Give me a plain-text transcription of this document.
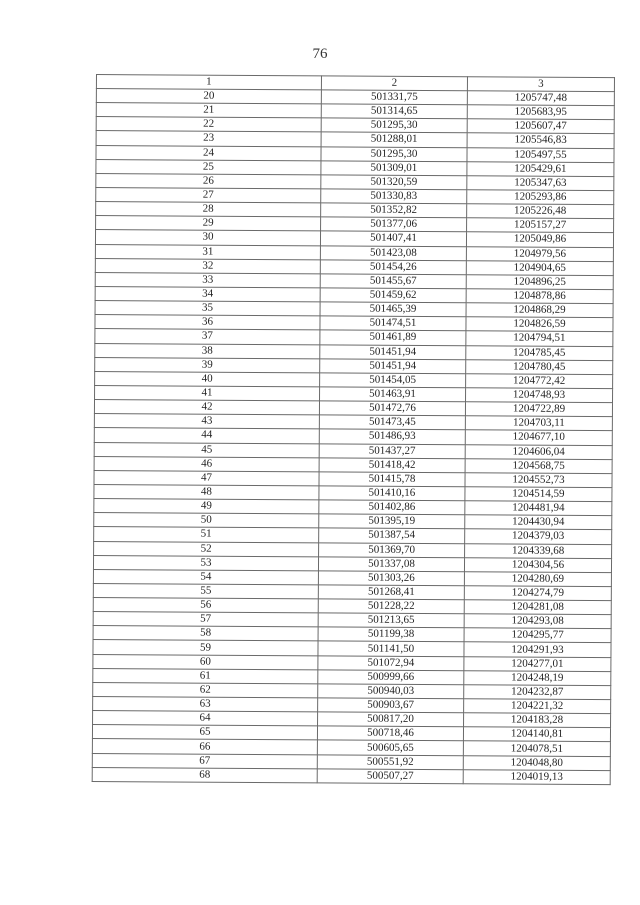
76
1	2	3
20	501331,75	1205747,48
21	501314,65	1205683,95
22	501295,30	1205607,47
23	501288,01	1205546,83
24	501295,30	1205497,55
25	501309,01	1205429,61
26	501320,59	1205347,63
27	501330,83	1205293,86
28	501352,82	1205226,48
29	501377,06	1205157,27
30	501407,41	1205049,86
31	501423,08	1204979,56
32	501454,26	1204904,65
33	501455,67	1204896,25
34	501459,62	1204878,86
35	501465,39	1204868,29
36	501474,51	1204826,59
37	501461,89	1204794,51
38	501451,94	1204785,45
39	501451,94	1204780,45
40	501454,05	1204772,42
41	501463,91	1204748,93
42	501472,76	1204722,89
43	501473,45	1204703,11
44	501486,93	1204677,10
45	501437,27	1204606,04
46	501418,42	1204568,75
47	501415,78	1204552,73
48	501410,16	1204514,59
49	501402,86	1204481,94
50	501395,19	1204430,94
51	501387,54	1204379,03
52	501369,70	1204339,68
53	501337,08	1204304,56
54	501303,26	1204280,69
55	501268,41	1204274,79
56	501228,22	1204281,08
57	501213,65	1204293,08
58	501199,38	1204295,77
59	501141,50	1204291,93
60	501072,94	1204277,01
61	500999,66	1204248,19
62	500940,03	1204232,87
63	500903,67	1204221,32
64	500817,20	1204183,28
65	500718,46	1204140,81
66	500605,65	1204078,51
67	500551,92	1204048,80
68	500507,27	1204019,13
